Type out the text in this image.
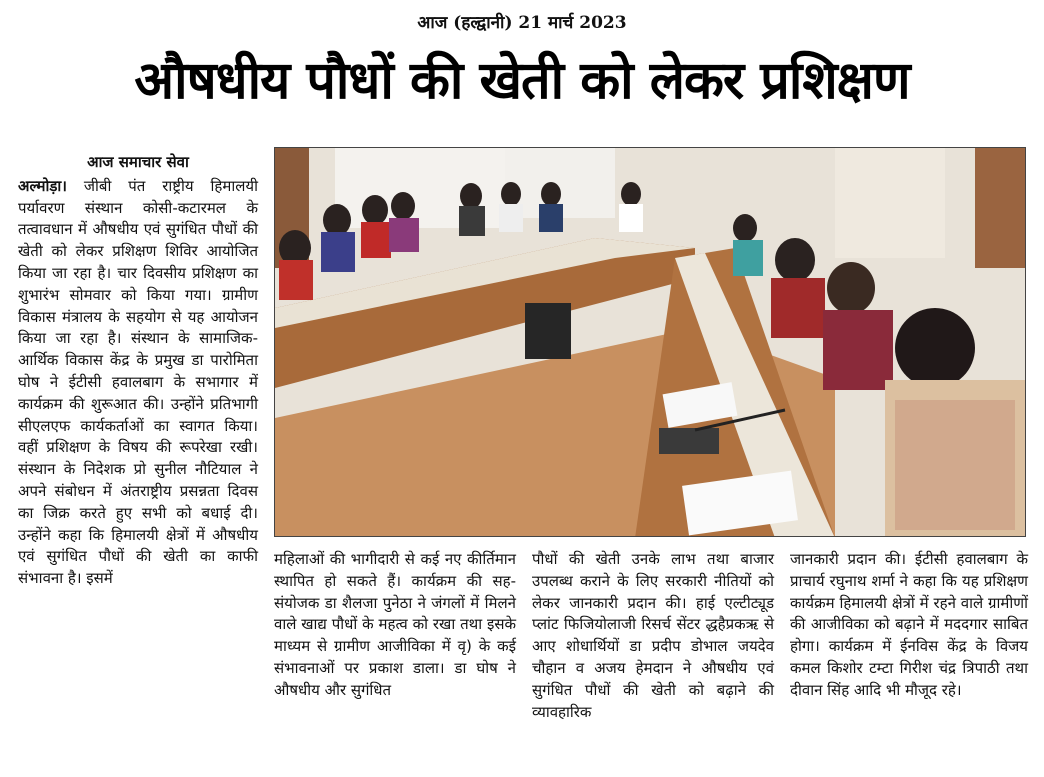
आज (हल्द्वानी) 21 मार्च 2023
औषधीय पौधों की खेती को लेकर प्रशिक्षण

आज समाचार सेवा

अल्मोड़ा। जीबी पंत राष्ट्रीय हिमालयी पर्यावरण संस्थान कोसी-कटारमल के तत्वावधान में औषधीय एवं सुगंधित पौधों की खेती को लेकर प्रशिक्षण शिविर आयोजित किया जा रहा है। चार दिवसीय प्रशिक्षण का शुभारंभ सोमवार को किया गया। ग्रामीण विकास मंत्रालय के सहयोग से यह आयोजन किया जा रहा है। संस्थान के सामाजिक-आर्थिक विकास केंद्र के प्रमुख डा पारोमिता घोष ने ईटीसी हवालबाग के सभागार में कार्यक्रम की शुरूआत की। उन्होंने प्रतिभागी सीएलएफ कार्यकर्ताओं का स्वागत किया। वहीं प्रशिक्षण के विषय की रूपरेखा रखी। संस्थान के निदेशक प्रो सुनील नौटियाल ने अपने संबोधन में अंतराष्ट्रीय प्रसन्नता दिवस का जिक्र करते हुए सभी को बधाई दी। उन्होंने कहा कि हिमालयी क्षेत्रों में औषधीय एवं सुगंधित पौधों की खेती का काफी संभावना है। इसमें

महिलाओं की भागीदारी से कई नए कीर्तिमान स्थापित हो सकते हैं। कार्यक्रम की सह-संयोजक डा शैलजा पुनेठा ने जंगलों में मिलने वाले खाद्य पौधों के महत्व को रखा तथा इसके माध्यम से ग्रामीण आजीविका में वृ) के कई संभावनाओं पर प्रकाश डाला। डा घोष ने औषधीय और सुगंधित
पौधों की खेती उनके लाभ तथा बाजार उपलब्ध कराने के लिए सरकारी नीतियों को लेकर जानकारी प्रदान की। हाई एल्टीट्यूड प्लांट फिजियोलाजी रिसर्च सेंटर द्धहैप्रकऋ से आए शोधार्थियों डा प्रदीप डोभाल जयदेव चौहान व अजय हेमदान ने औषधीय एवं सुगंधित पौधों की खेती को बढ़ाने की व्यावहारिक
जानकारी प्रदान की। ईटीसी हवालबाग के प्राचार्य रघुनाथ शर्मा ने कहा कि यह प्रशिक्षण कार्यक्रम हिमालयी क्षेत्रों में रहने वाले ग्रामीणों की आजीविका को बढ़ाने में मददगार साबित होगा। कार्यक्रम में ईनविस केंद्र के विजय कमल किशोर टम्टा गिरीश चंद्र त्रिपाठी तथा दीवान सिंह आदि भी मौजूद रहे।
